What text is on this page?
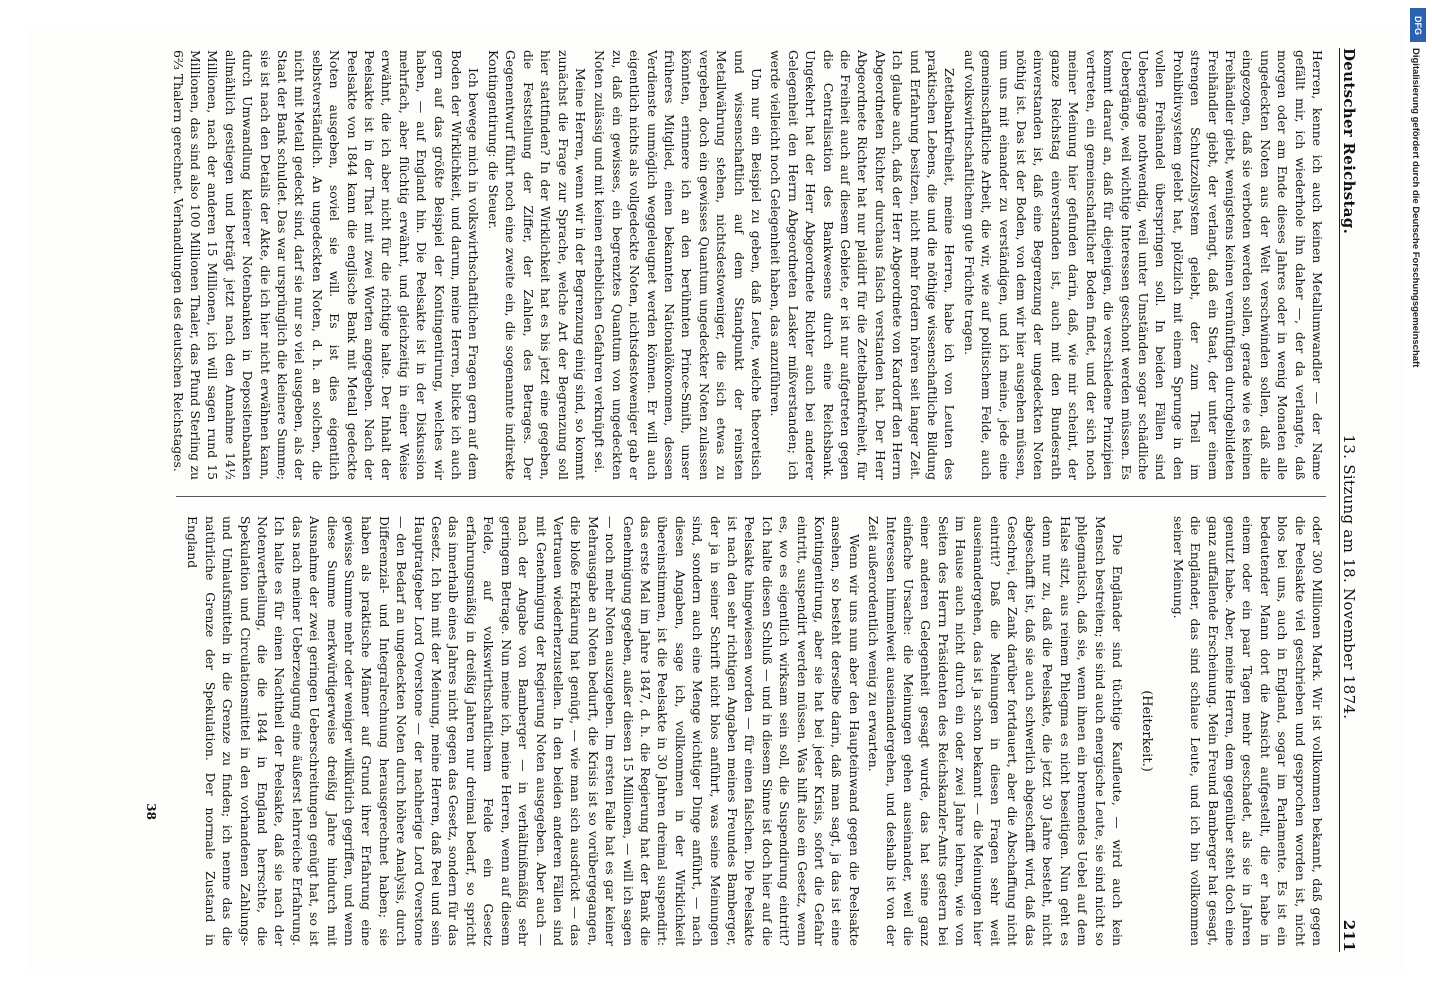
Deutscher Reichstag.
13. Sitzung am 18. November 1874.
211

Herren, kenne ich auch keinen Metallumwandler — der Name gefällt mir, ich wiederhole ihn daher —, der da verlangte, daß morgen oder am Ende dieses Jahres oder in wenig Monaten alle ungedeckten Noten aus der Welt verschwinden sollen, daß alle eingezogen, daß sie verboten werden sollen, gerade wie es keinen Freihändler giebt, wenigstens keinen vernünftigen durchgebildeten Freihändler giebt, der verlangt, daß ein Staat, der unter einem strengen Schutzzollsystem gelebt, der zum Theil im Prohibitivsystem gelebt hat, plötzlich mit einem Sprunge in den vollen Freihandel überspringen soll. In beiden Fällen sind Uebergänge nothwendig, weil unter Umständen sogar schädliche Uebergänge, weil wichtige Interessen geschont werden müssen. Es kommt darauf an, daß für diejenigen, die verschiedene Prinzipien vertreten, ein gemeinschaftlicher Boden findet, und der sich noch meiner Meinung hier gefunden darin, daß, wie mir scheint, der ganze Reichstag einverstanden ist, auch mit den Bundesrath einverstanden ist, daß eine Begrenzung der ungedeckten Noten nöthig ist. Das ist der Boden, von dem wir hier ausgehen müssen, um uns mit einander zu verständigen, und ich meine, jede eine gemeinschaftliche Arbeit, die wir, wie auf politischem Felde, auch auf volkswirthschaftlichem gute Früchte tragen.

Zettelbankfreiheit, meine Herren, habe ich von Leuten des praktischen Lebens, die und die nöthige wissenschaftliche Bildung und Erfahrung besitzen, nicht mehr fordern hören seit langer Zeit. Ich glaube auch, daß der Herr Abgeordnete von Kardorff den Herrn Abgeordneten Richter durchaus falsch verstanden hat. Der Herr Abgeordnete Richter hat nur plaidirt für die Zettelbankfreiheit, für die Freiheit auch auf diesem Gebiete, er ist nur aufgetreten gegen die Centralisation des Bankwesens durch eine Reichsbank. Ungekehrt hat der Herr Abgeordnete Richter auch bei anderer Gelegenheit den Herrn Abgeordneten Lasker mißverstanden; ich werde vielleicht noch Gelegenheit haben, das anzuführen.

Um nur ein Beispiel zu geben, daß Leute, welche theoretisch und wissenschaftlich auf dem Standpunkt der reinsten Metallwährung stehen, nichtsdestoweniger, die sich etwas zu vergeben, doch ein gewisses Quantum ungedeckter Noten zulassen könnten, erinnere ich an den berühmten Prince-Smith, unser früheres Mitglied, einen bekannten Nationalökonomen, dessen Verdienste unmöglich weggeleugnet werden können. Er will auch eigentlich nichts als vollgedeckte Noten, nichtsdestoweniger gab er zu, daß ein gewisses, ein begrenztes Quantum von ungedeckten Noten zulässig und mit keinen erheblichen Gefahren verknüpft sei.

Meine Herren, wenn wir in der Begrenzung einig sind, so kommt zunächst die Frage zur Sprache, welche Art der Begrenzung soll hier stattfinden? In der Wirklichkeit hat es bis jetzt eine gegeben, die Feststellung der Ziffer, der Zahlen, des Betrages. Der Gegenentwurf führt noch eine zweite ein, die sogenannte indirekte Kontingentirung: die Steuer.

Ich bewege mich in volkswirthschaftlichen Fragen gern auf dem Boden der Wirklichkeit, und darum, meine Herren, blicke ich auch gern auf das größte Beispiel der Kontingentirung, welches wir haben, — auf England hin. Die Peelsakte ist in der Diskussion mehrfach, aber flüchtig erwähnt, und gleichzeitig in einer Weise erwähnt, die ich aber nicht für die richtige halte. Der Inhalt der Peelsakte ist in der That mit zwei Worten angegeben. Nach der Peelsakte von 1844 kann die englische Bank mit Metall gedeckte Noten ausgeben, soviel sie will. Es ist dies eigentlich selbstverständlich. An ungedeckten Noten, d. h. an solchen, die nicht mit Metall gedeckt sind, darf sie nur so viel ausgeben, als der Staat der Bank schuldet. Das war ursprünglich die kleinere Summe; sie ist nach den Details der Akte, die ich hier nicht erwähnen kann, durch Umwandlung kleinerer Notenbanken in Depositenbanken allmählich gestiegen und beträgt jetzt nach den Annahme 14½ Millionen, nach der anderen 15 Millionen, ich will sagen rund 15 Millionen, das sind also 100 Millionen Thaler, das Pfund Sterling zu 6⅔ Thalern gerechnet. Verhandlungen des deutschen Reichstages.

oder 300 Millionen Mark. Wir ist vollkommen bekannt, daß gegen die Peelsakte viel geschrieben und gesprochen worden ist, nicht blos bei uns, auch in England, sogar im Parlamente. Es ist ein bedeutender Mann dort die Ansicht aufgestellt, die er habe in einem oder ein paar Tagen mehr geschadet, als sie in Jahren genutzt habe. Aber, meine Herren, dem gegenüber steht doch eine ganz auffallende Erscheinung. Mein Freund Bamberger hat gesagt, die Engländer, das sind schlaue Leute, und ich bin vollkommen seiner Meinung.

(Heiterkeit.)

Die Engländer sind tüchtige Kaufleute, — wird auch kein Mensch bestreiten; sie sind auch energische Leute, sie sind nicht so phlegmatisch, daß sie, wenn ihnen ein brennendes Uebel auf dem Halse sitzt, aus reinem Phlegma es nicht beseitigen. Nun geht es denn nur zu, daß die Peelsakte, die jetzt 30 Jahre besteht, nicht abgeschafft ist, daß sie auch schwerlich abgeschafft wird, daß das Geschrei, der Zank darüber fortdauert, aber die Abschaffung nicht eintritt? Daß die Meinungen in diesen Fragen sehr weit auseinandergehen, das ist ja schon bekannt — die Meinungen hier im Hause auch nicht durch ein oder zwei Jahre lehren, wie von Seiten des Herrn Präsidenten des Reichskanzler-Amts gestern bei einer anderen Gelegenheit gesagt wurde, das hat seine ganz einfache Ursache: die Meinungen gehen auseinander, weil die Interessen himmelweit auseinandergehen, und deshalb ist von der Zeit außerordentlich wenig zu erwarten.

Wenn wir uns nun aber den Haupteinwand gegen die Peelsakte ansehen, so besteht derselbe darin, daß man sagt, ja das ist eine Kontingentirung, aber sie hat bei jeder Krisis, sofort die Gefahr eintritt, suspendirt werden müssen. Was hilft also ein Gesetz, wenn es, wo es eigentlich wirksam sein soll, die Suspendirung eintritt? Ich halte diesen Schluß — und in diesem Sinne ist doch hier auf die Peelsakte hingewiesen worden — für einen falschen. Die Peelsakte ist nach den sehr richtigen Angaben meines Freundes Bamberger, der ja in seiner Schrift nicht blos anführt, was seine Meinungen sind, sondern auch eine Menge wichtiger Dinge anführt, — nach diesen Angaben, sage ich, vollkommen in der Wirklichkeit übereinstimmen, ist die Peelsakte in 30 Jahren dreimal suspendirt: das erste Mal im Jahre 1847, d. h. die Regierung hat der Bank die Genehmigung gegeben, außer diesen 15 Millionen, — will ich sagen — noch mehr Noten auszugeben. Im ersten Falle hat es gar keiner Mehrausgabe an Noten bedurft, die Krisis ist so vorübergegangen, die bloße Erklärung hat genügt, — wie man sich ausdrückt — das Vertrauen wiederherzustellen. In den beiden anderen Fällen sind mit Genehmigung der Regierung Noten ausgegeben. Aber auch — nach der Angabe von Bamberger — in verhältnißmäßig sehr geringem Betrage. Nun meine ich, meine Herren, wenn auf diesem Felde, auf volkswirthschaftlichem Felde ein Gesetz erfahrungsmäßig in dreißig Jahren nur dreimal bedarf, so spricht das innerhalb eines Jahres nicht gegen das Gesetz, sondern für das Gesetz. Ich bin mit der Meinung, meine Herren, daß Peel und sein Hauptratgeber Lord Overstone — der nachherige Lord Overstone — den Bedarf an ungedeckten Noten durch höhere Analysis, durch Differenzial- und Integralrechnung herausgerechnet haben; sie haben als praktische Männer auf Grund ihrer Erfahrung eine gewisse Summe mehr oder weniger willkürlich gegriffen, und wenn diese Summe merkwürdigerweise dreißig Jahre hindurch mit Ausnahme der zwei geringen Ueberschreitungen genügt hat, so ist das nach meiner Ueberzeugung eine äußerst lehrreiche Erfahrung. Ich halte es für einen Nachtheil der Peelsakte, daß sie nach der Notenvertheilung, die die 1844 in England herrschte, die Spekulation und Circulationsmittel in den vorhandenen Zahlungs- und Umlaufsmitteln in die Grenze zu finden; ich nenne das die natürliche Grenze der Spekulation. Der normale Zustand in England

38
DFG
Digitalisierung gefördert durch die Deutsche Forschungsgemeinschaft
